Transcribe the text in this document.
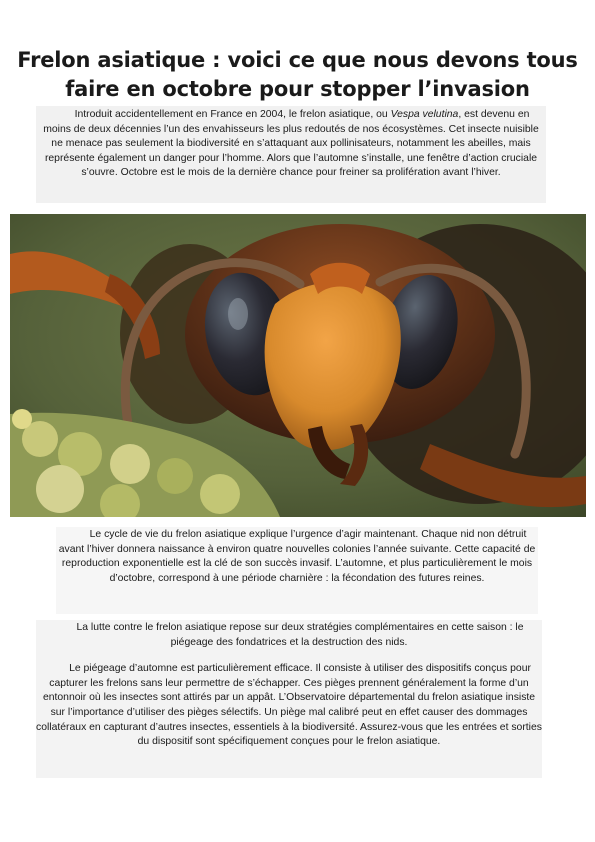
Frelon asiatique : voici ce que nous devons tous
faire en octobre pour stopper l’invasion

Introduit accidentellement en France en 2004, le frelon asiatique, ou Vespa velutina, est devenu en moins de deux décennies l’un des envahisseurs les plus redoutés de nos écosystèmes. Cet insecte nuisible ne menace pas seulement la biodiversité en s’attaquant aux pollinisateurs, notamment les abeilles, mais représente également un danger pour l’homme. Alors que l’automne s’installe, une fenêtre d’action cruciale s’ouvre. Octobre est le mois de la dernière chance pour freiner sa prolifération avant l’hiver.

Le cycle de vie du frelon asiatique explique l’urgence d’agir maintenant. Chaque nid non détruit avant l’hiver donnera naissance à environ quatre nouvelles colonies l’année suivante. Cette capacité de reproduction exponentielle est la clé de son succès invasif. L’automne, et plus particulièrement le mois d’octobre, correspond à une période charnière : la fécondation des futures reines.

La lutte contre le frelon asiatique repose sur deux stratégies complémentaires en cette saison : le piégeage des fondatrices et la destruction des nids.

Le piégeage d’automne est particulièrement efficace. Il consiste à utiliser des dispositifs conçus pour capturer les frelons sans leur permettre de s’échapper. Ces pièges prennent généralement la forme d’un entonnoir où les insectes sont attirés par un appât. L’Observatoire départemental du frelon asiatique insiste sur l’importance d’utiliser des pièges sélectifs. Un piège mal calibré peut en effet causer des dommages collatéraux en capturant d’autres insectes, essentiels à la biodiversité. Assurez-vous que les entrées et sorties du dispositif sont spécifiquement conçues pour le frelon asiatique.
